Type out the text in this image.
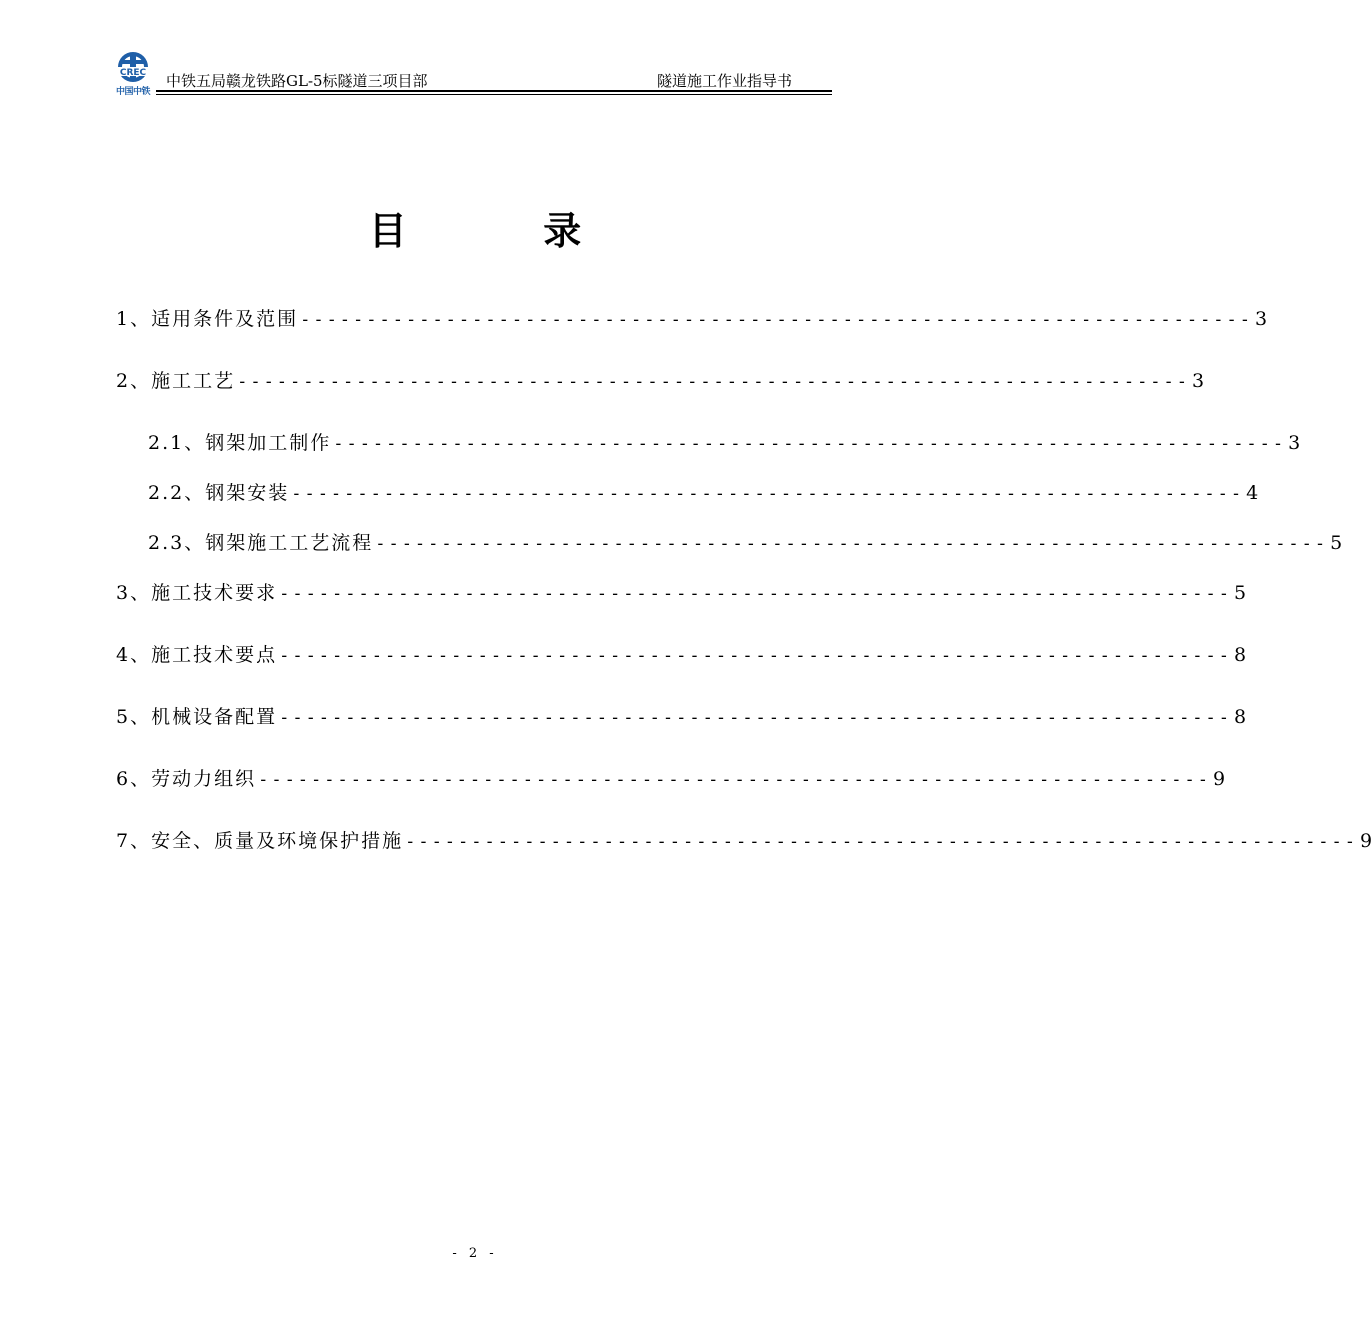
CREC
中国中铁
中铁五局赣龙铁路GL-5标隧道三项目部	隧道施工作业指导书
目	录
1、适用条件及范围 ------------------------------------------------------------------------ 3
2、施工工艺 ------------------------------------------------------------------------ 3
2.1、钢架加工制作 ------------------------------------------------------------------------ 3
2.2、钢架安装 ------------------------------------------------------------------------ 4
2.3、钢架施工工艺流程 ------------------------------------------------------------------------ 5
3、施工技术要求 ------------------------------------------------------------------------ 5
4、施工技术要点 ------------------------------------------------------------------------ 8
5、机械设备配置 ------------------------------------------------------------------------ 8
6、劳动力组织 ------------------------------------------------------------------------ 9
7、安全、质量及环境保护措施 ------------------------------------------------------------------------ 9
- 2 -
